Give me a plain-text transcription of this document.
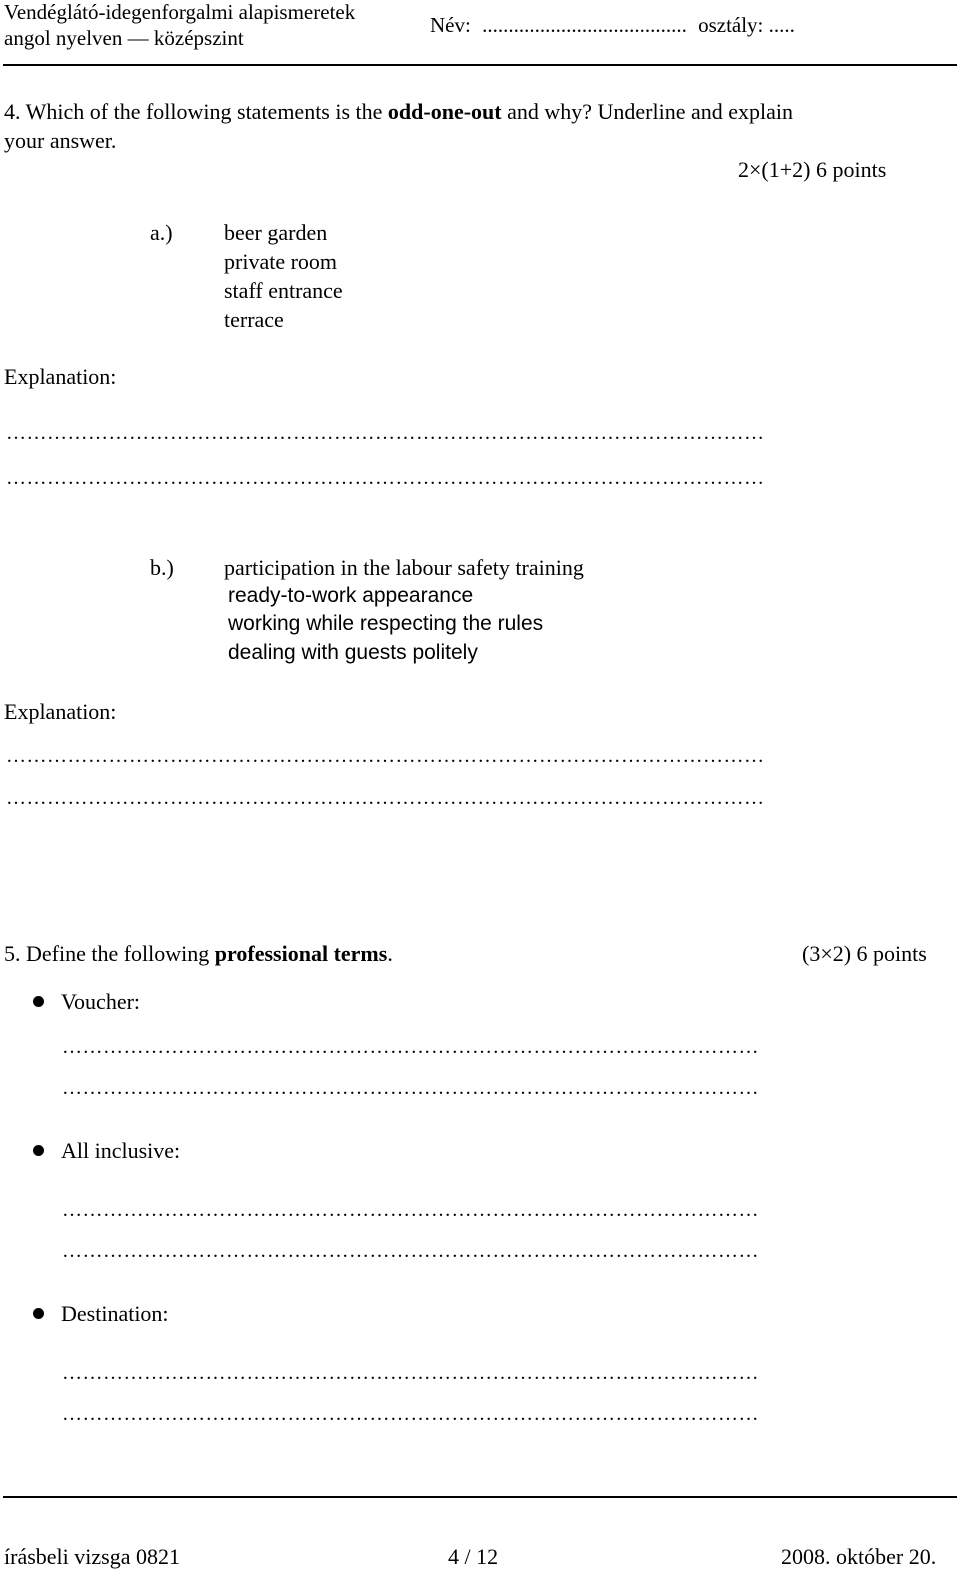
Vendéglátó-idegenforgalmi alapismeretek
angol nyelven — középszint
Név: ....................................... osztály: .....
4. Which of the following statements is the odd-one-out and why? Underline and explain
your answer.
2×(1+2) 6 points
a.) beer garden
private room
staff entrance
terrace
Explanation:
…………………………………………………………………………………………………
…………………………………………………………………………………………………
b.) participation in the labour safety training
ready-to-work appearance
working while respecting the rules
dealing with guests politely
Explanation:
…………………………………………………………………………………………………
…………………………………………………………………………………………………
5. Define the following professional terms.	(3×2) 6 points
Voucher:
…………………………………………………………………………………………
…………………………………………………………………………………………
All inclusive:
…………………………………………………………………………………………
…………………………………………………………………………………………
Destination:
…………………………………………………………………………………………
…………………………………………………………………………………………
írásbeli vizsga 0821	4 / 12	2008. október 20.
